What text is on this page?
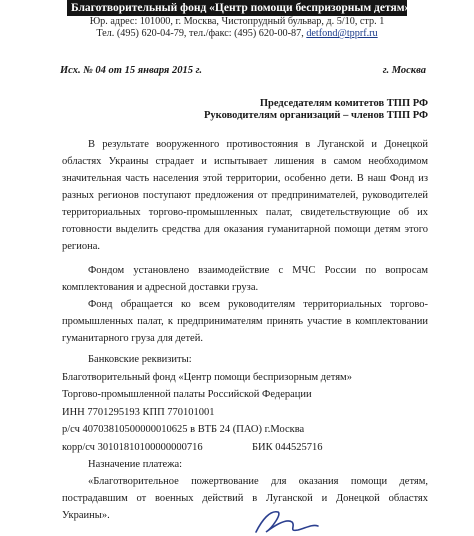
Благотворительный фонд «Центр помощи беспризорным детям»
Юр. адрес: 101000, г. Москва, Чистопрудный бульвар, д. 5/10, стр. 1
Тел. (495) 620-04-79, тел./факс: (495) 620-00-87, detfond@tpprf.ru
Исх. № 04 от 15 января 2015 г.	г. Москва
Председателям комитетов ТПП РФ
Руководителям организаций – членов ТПП РФ

В результате вооруженного противостояния в Луганской и Донецкой областях Украины страдает и испытывает лишения в самом необходимом значительная часть населения этой территории, особенно дети. В наш Фонд из разных регионов поступают предложения от предпринимателей, руководителей территориальных торгово-промышленных палат, свидетельствующие об их готовности выделить средства для оказания гуманитарной помощи детям этого региона.

Фондом установлено взаимодействие с МЧС России по вопросам комплектования и адресной доставки груза.

Фонд обращается ко всем руководителям территориальных торгово-промышленных палат, к предпринимателям принять участие в комплектовании гуманитарного груза для детей.

Банковские реквизиты:
Благотворительный фонд «Центр помощи беспризорным детям»
Торгово-промышленной палаты Российской Федерации
ИНН 7701295193 КПП 770101001
р/сч 40703810500000010625 в ВТБ 24 (ПАО) г.Москва
корр/сч 30101810100000000716	БИК 044525716
Назначение платежа:

«Благотворительное пожертвование для оказания помощи детям, пострадавшим от военных действий в Луганской и Донецкой областях Украины».
